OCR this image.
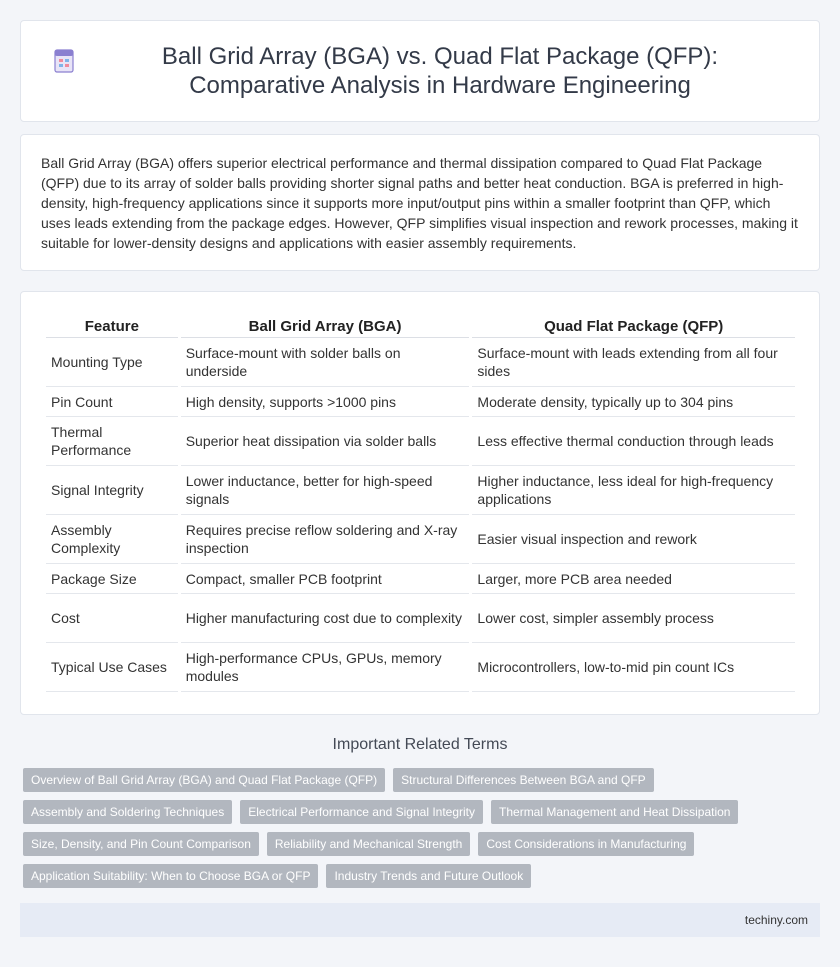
Ball Grid Array (BGA) vs. Quad Flat Package (QFP): Comparative Analysis in Hardware Engineering

Ball Grid Array (BGA) offers superior electrical performance and thermal dissipation compared to Quad Flat Package (QFP) due to its array of solder balls providing shorter signal paths and better heat conduction. BGA is preferred in high-density, high-frequency applications since it supports more input/output pins within a smaller footprint than QFP, which uses leads extending from the package edges. However, QFP simplifies visual inspection and rework processes, making it suitable for lower-density designs and applications with easier assembly requirements.

Feature	Ball Grid Array (BGA)	Quad Flat Package (QFP)
Mounting Type	Surface-mount with solder balls on underside	Surface-mount with leads extending from all four sides
Pin Count	High density, supports >1000 pins	Moderate density, typically up to 304 pins
Thermal Performance	Superior heat dissipation via solder balls	Less effective thermal conduction through leads
Signal Integrity	Lower inductance, better for high-speed signals	Higher inductance, less ideal for high-frequency applications
Assembly Complexity	Requires precise reflow soldering and X-ray inspection	Easier visual inspection and rework
Package Size	Compact, smaller PCB footprint	Larger, more PCB area needed
Cost	Higher manufacturing cost due to complexity	Lower cost, simpler assembly process
Typical Use Cases	High-performance CPUs, GPUs, memory modules	Microcontrollers, low-to-mid pin count ICs
Important Related Terms
Overview of Ball Grid Array (BGA) and Quad Flat Package (QFP)	Structural Differences Between BGA and QFP
Assembly and Soldering Techniques	Electrical Performance and Signal Integrity	Thermal Management and Heat Dissipation
Size, Density, and Pin Count Comparison	Reliability and Mechanical Strength	Cost Considerations in Manufacturing
Application Suitability: When to Choose BGA or QFP	Industry Trends and Future Outlook
techiny.com
